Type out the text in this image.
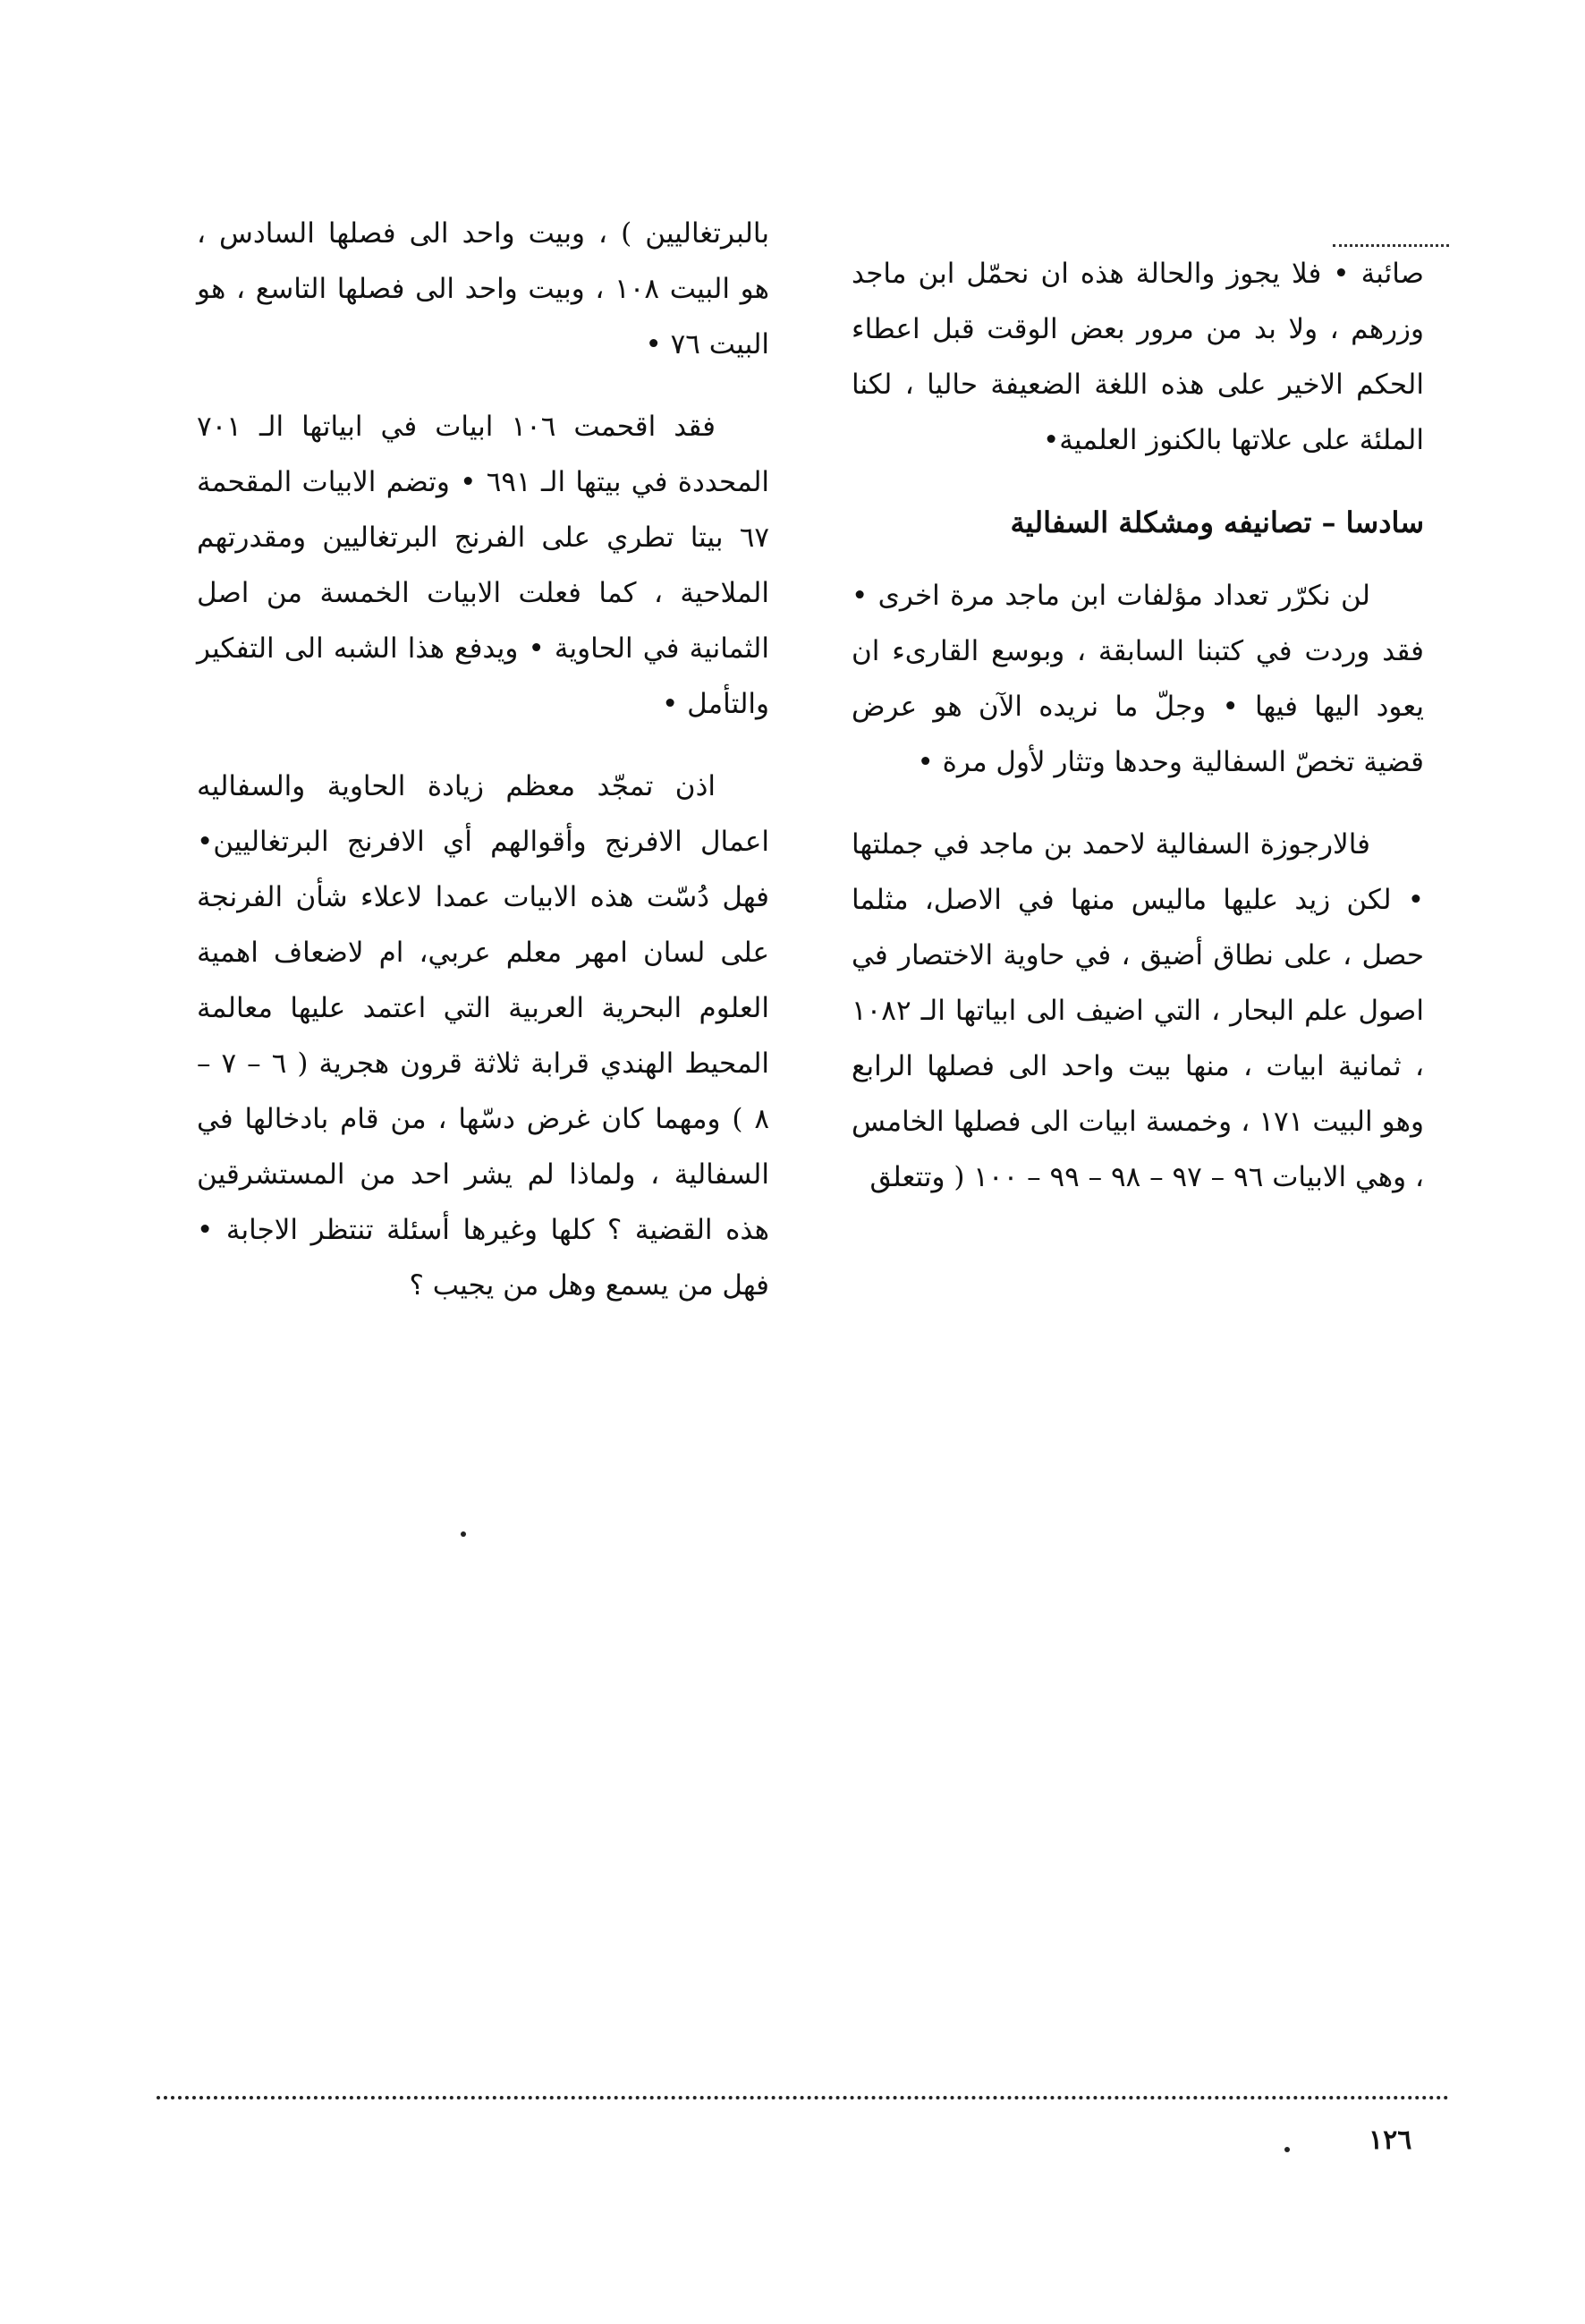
صائبة • فلا يجوز والحالة هذه ان نحمّل ابن ماجد وزرهم ، ولا بد من مرور بعض الوقت قبل اعطاء الحكم الاخير على هذه اللغة الضعيفة حاليا ، لكنا الملئة على علاتها بالكنوز العلمية•

سادسا – تصانيفه ومشكلة السفالية

لن نكرّر تعداد مؤلفات ابن ماجد مرة اخرى • فقد وردت في كتبنا السابقة ، وبوسع القارىء ان يعود اليها فيها • وجلّ ما نريده الآن هو عرض قضية تخصّ السفالية وحدها وتثار لأول مرة •

فالارجوزة السفالية لاحمد بن ماجد في جملتها • لكن زيد عليها ماليس منها في الاصل، مثلما حصل ، على نطاق أضيق ، في حاوية الاختصار في اصول علم البحار ، التي اضيف الى ابياتها الـ ١٠٨٢ ، ثمانية ابيات ، منها بيت واحد الى فصلها الرابع وهو البيت ١٧١ ، وخمسة ابيات الى فصلها الخامس ، وهي الابيات ٩٦ – ٩٧ – ٩٨ – ٩٩ – ١٠٠ ( وتتعلق

بالبرتغاليين ) ، وبيت واحد الى فصلها السادس ، هو البيت ١٠٨ ، وبيت واحد الى فصلها التاسع ، هو البيت ٧٦ •

فقد اقحمت ١٠٦ ابيات في ابياتها الـ ٧٠١ المحددة في بيتها الـ ٦٩١ • وتضم الابيات المقحمة ٦٧ بيتا تطري على الفرنج البرتغاليين ومقدرتهم الملاحية ، كما فعلت الابيات الخمسة من اصل الثمانية في الحاوية • ويدفع هذا الشبه الى التفكير والتأمل •

اذن تمجّد معظم زيادة الحاوية والسفاليه اعمال الافرنج وأقوالهم أي الافرنج البرتغاليين• فهل دُسّت هذه الابيات عمدا لاعلاء شأن الفرنجة على لسان امهر معلم عربي، ام لاضعاف اهمية العلوم البحرية العربية التي اعتمد عليها معالمة المحيط الهندي قرابة ثلاثة قرون هجرية ( ٦ – ٧ – ٨ ) ومهما كان غرض دسّها ، من قام بادخالها في السفالية ، ولماذا لم يشر احد من المستشرقين هذه القضية ؟ كلها وغيرها أسئلة تنتظر الاجابة • فهل من يسمع وهل من يجيب ؟

١٢٦
